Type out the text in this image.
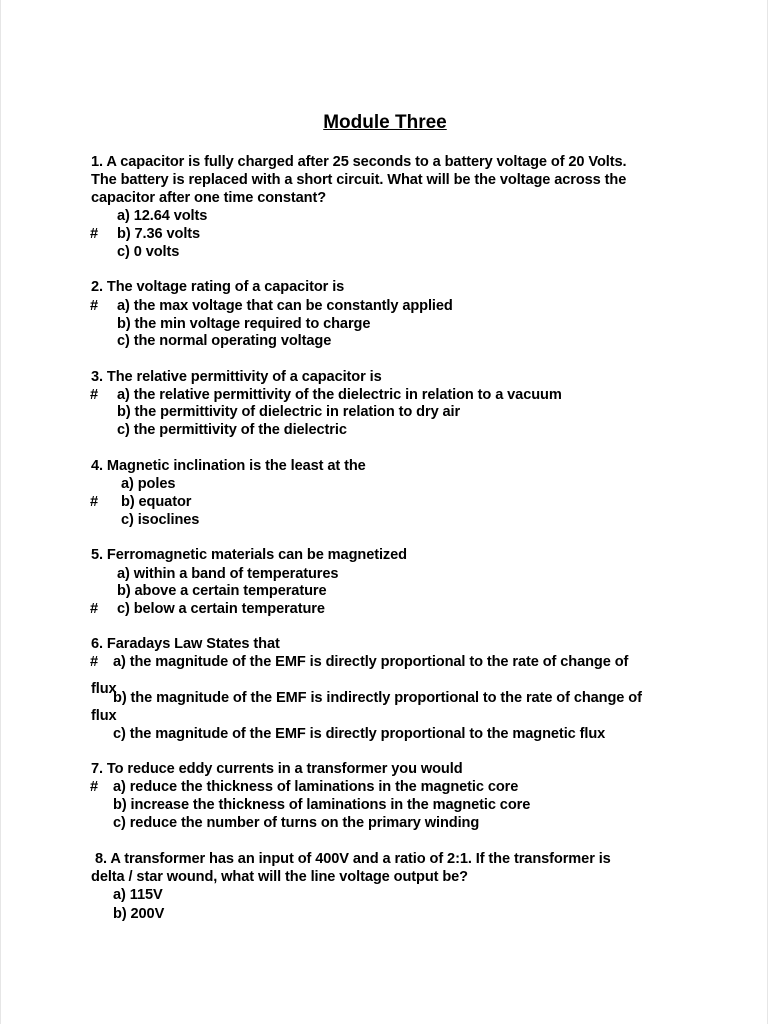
Module Three
1. A capacitor is fully charged after 25 seconds to a battery voltage of 20 Volts.
The battery is replaced with a short circuit. What will be the voltage across the
capacitor after one time constant?
a) 12.64 volts
# b) 7.36 volts
c) 0 volts
2. The voltage rating of a capacitor is
# a) the max voltage that can be constantly applied
b) the min voltage required to charge
c) the normal operating voltage
3. The relative permittivity of a capacitor is
# a) the relative permittivity of the dielectric in relation to a vacuum
b) the permittivity of dielectric in relation to dry air
c) the permittivity of the dielectric
4. Magnetic inclination is the least at the
a) poles
# b) equator
c) isoclines
5. Ferromagnetic materials can be magnetized
a) within a band of temperatures
b) above a certain temperature
# c) below a certain temperature
6. Faradays Law States that
# a) the magnitude of the EMF is directly proportional to the rate of change of
flux
b) the magnitude of the EMF is indirectly proportional to the rate of change of
flux
c) the magnitude of the EMF is directly proportional to the magnetic flux
7. To reduce eddy currents in a transformer you would
# a) reduce the thickness of laminations in the magnetic core
b) increase the thickness of laminations in the magnetic core
c) reduce the number of turns on the primary winding
8. A transformer has an input of 400V and a ratio of 2:1. If the transformer is
delta / star wound, what will the line voltage output be?
a) 115V
b) 200V
